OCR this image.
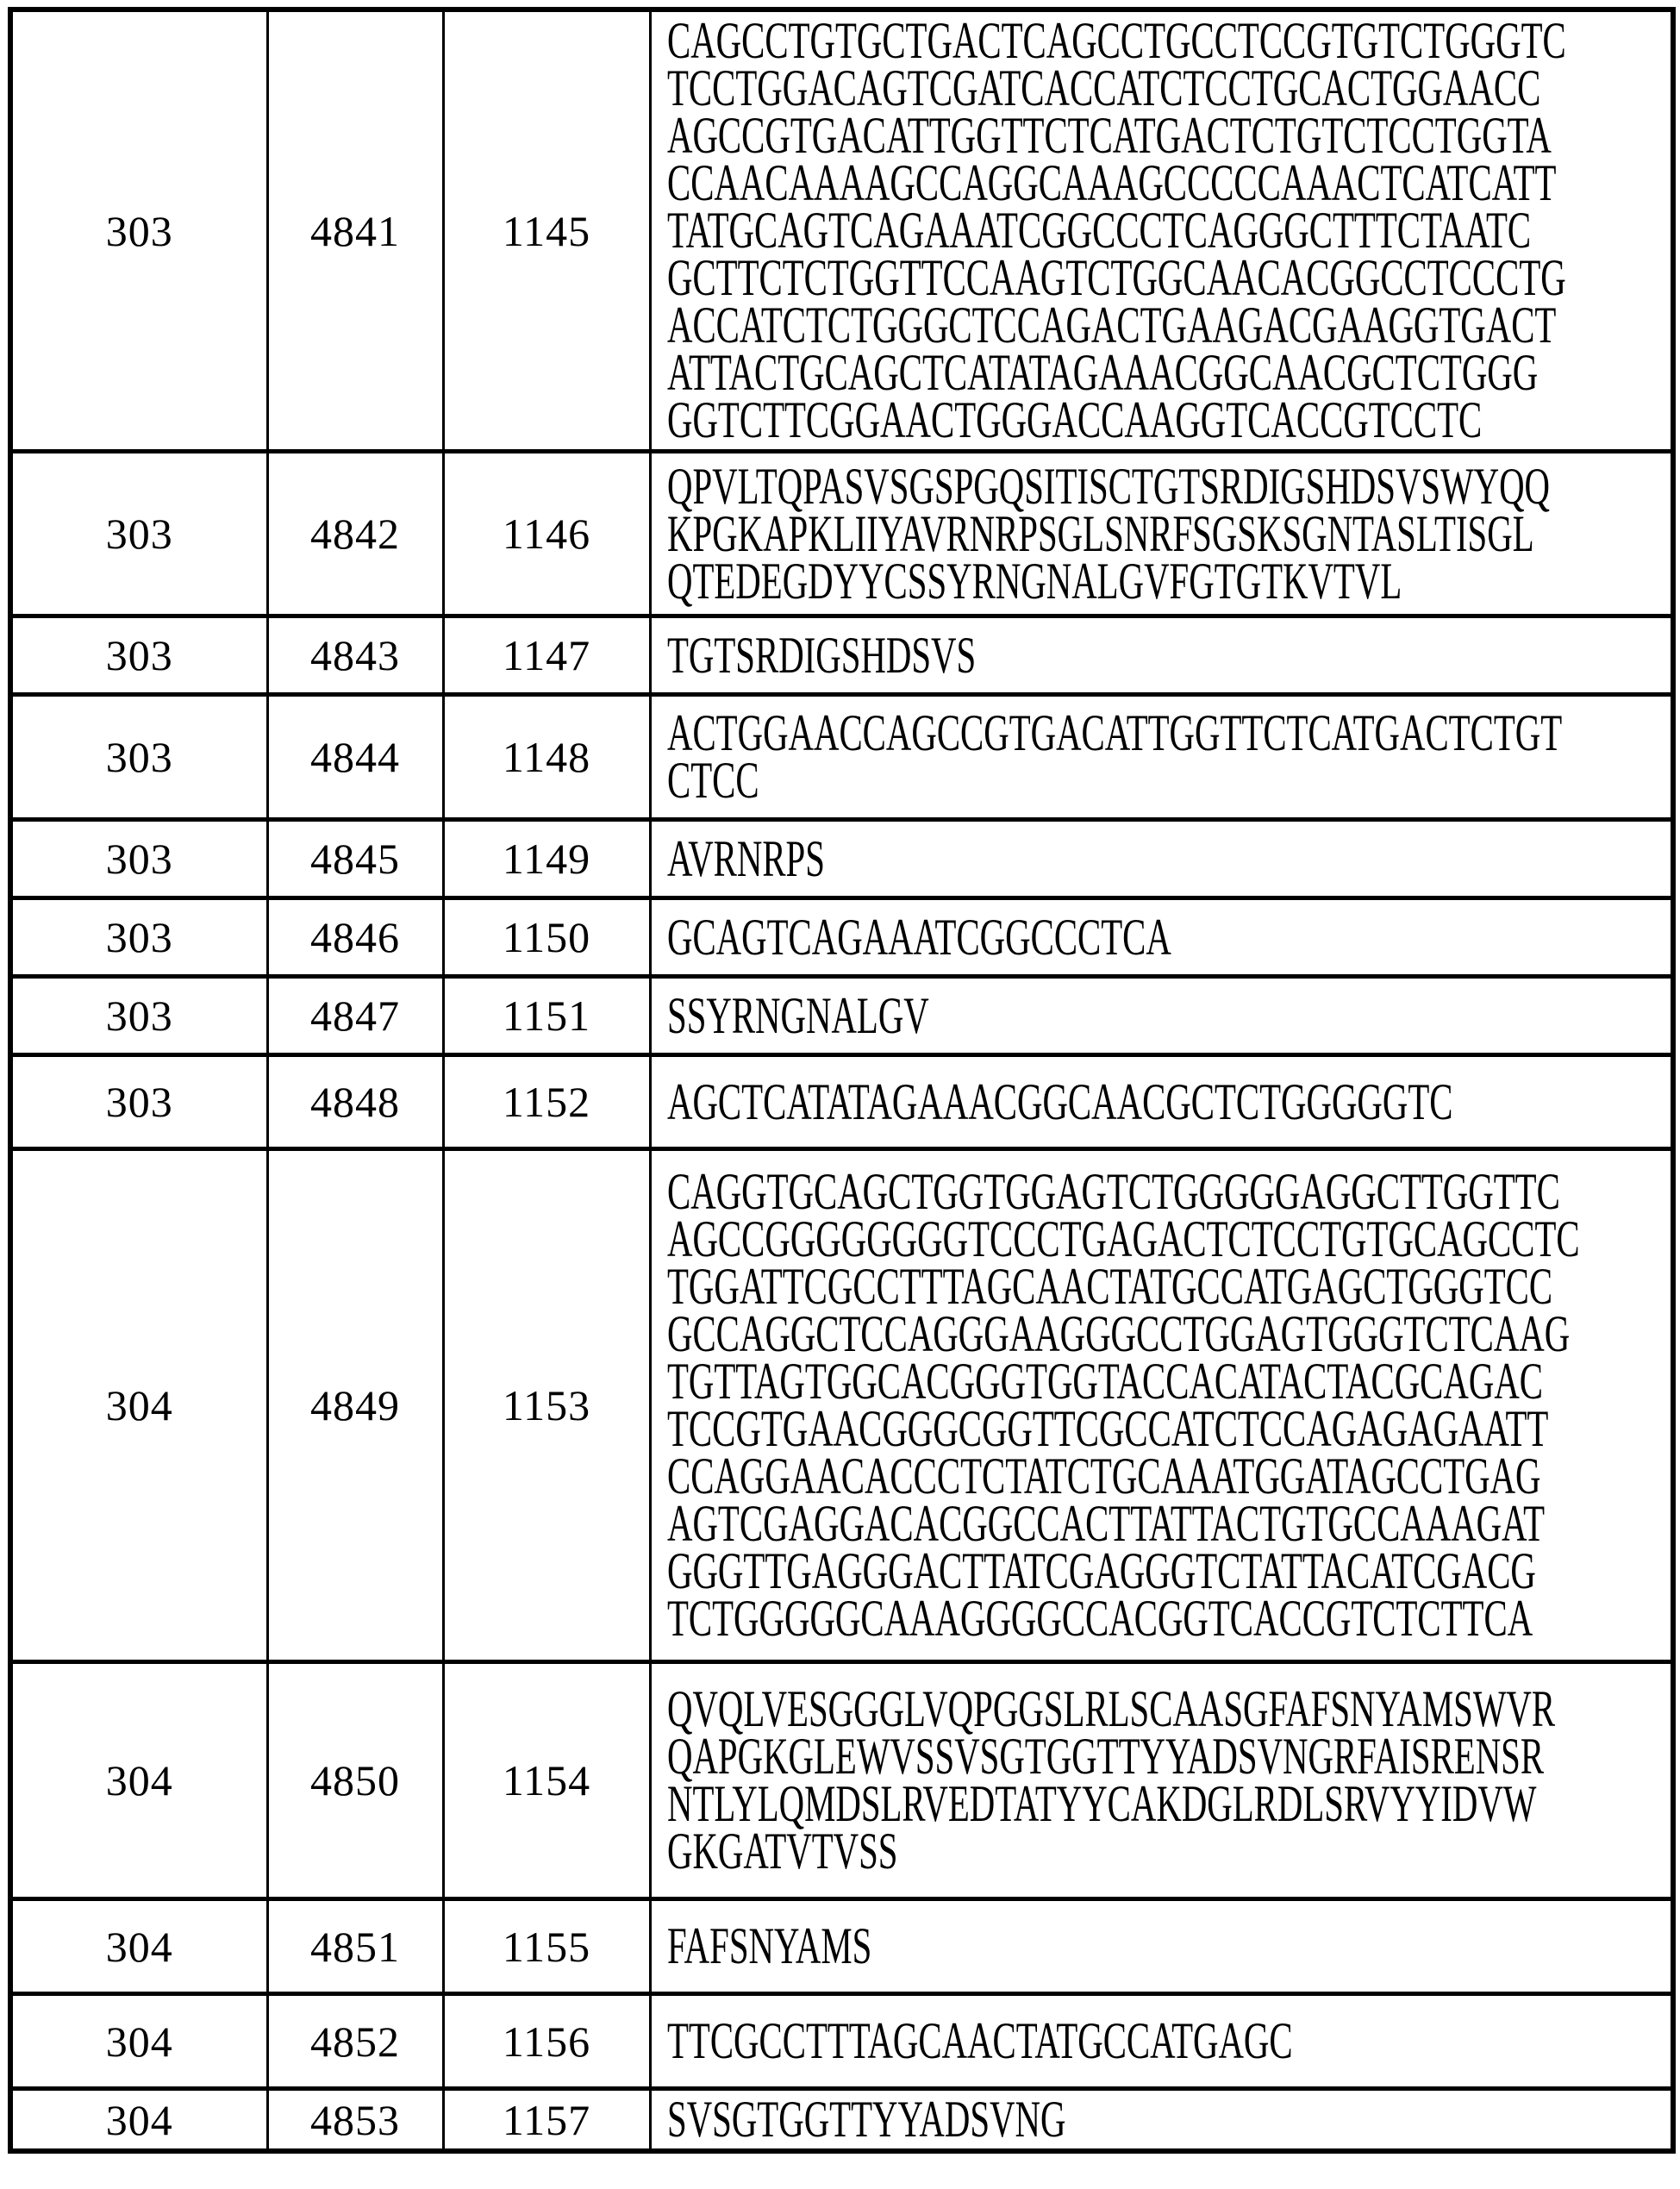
303	4841	1145	
CAGCCTGTGCTGACTCAGCCTGCCTCCGTGTCTGGGTC
TCCTGGACAGTCGATCACCATCTCCTGCACTGGAACC
AGCCGTGACATTGGTTCTCATGACTCTGTCTCCTGGTA
CCAACAAAAGCCAGGCAAAGCCCCCAAACTCATCATT
TATGCAGTCAGAAATCGGCCCTCAGGGCTTTCTAATC
GCTTCTCTGGTTCCAAGTCTGGCAACACGGCCTCCCTG
ACCATCTCTGGGCTCCAGACTGAAGACGAAGGTGACT
ATTACTGCAGCTCATATAGAAACGGCAACGCTCTGGG
GGTCTTCGGAACTGGGACCAAGGTCACCGTCCTC

303	4842	1146	QPVLTQPASVSGSPGQSITISCTGTSRDIGSHDSVSWYQQ
KPGKAPKLIIYAVRNRPSGLSNRFSGSKSGNTASLTISGL
QTEDEGDYYCSSYRNGNALGVFGTGTKVTVL

303	4843	1147	TGTSRDIGSHDSVS

303	4844	1148	ACTGGAACCAGCCGTGACATTGGTTCTCATGACTCTGT
CTCC

303	4845	1149	AVRNRPS

303	4846	1150	GCAGTCAGAAATCGGCCCTCA

303	4847	1151	SSYRNGNALGV

303	4848	1152	AGCTCATATAGAAACGGCAACGCTCTGGGGGTC

304	4849	1153	
CAGGTGCAGCTGGTGGAGTCTGGGGGAGGCTTGGTTC
AGCCGGGGGGGGTCCCTGAGACTCTCCTGTGCAGCCTC
TGGATTCGCCTTTAGCAACTATGCCATGAGCTGGGTCC
GCCAGGCTCCAGGGAAGGGCCTGGAGTGGGTCTCAAG
TGTTAGTGGCACGGGTGGTACCACATACTACGCAGAC
TCCGTGAACGGGCGGTTCGCCATCTCCAGAGAGAATT
CCAGGAACACCCTCTATCTGCAAATGGATAGCCTGAG
AGTCGAGGACACGGCCACTTATTACTGTGCCAAAGAT
GGGTTGAGGGACTTATCGAGGGTCTATTACATCGACG
TCTGGGGGCAAAGGGGCCACGGTCACCGTCTCTTCA

304	4850	1154	QVQLVESGGGLVQPGGSLRLSCAASGFAFSNYAMSWVR
QAPGKGLEWVSSVSGTGGTTYYADSVNGRFAISRENSR
NTLYLQMDSLRVEDTATYYCAKDGLRDLSRVYYIDVW
GKGATVTVSS

304	4851	1155	FAFSNYAMS

304	4852	1156	TTCGCCTTTAGCAACTATGCCATGAGC

304	4853	1157	SVSGTGGTTYYADSVNG
